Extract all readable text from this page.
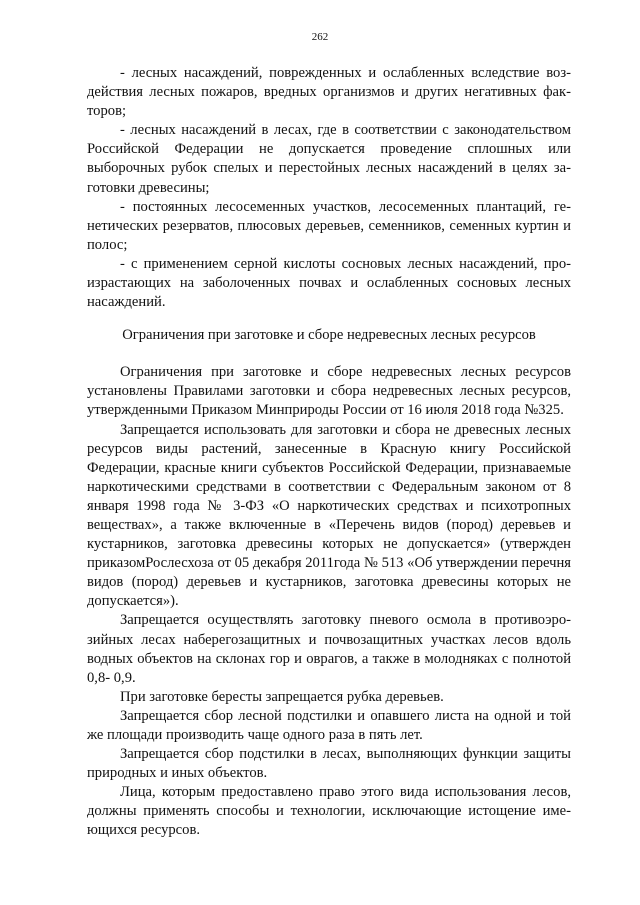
262

- лесных насаждений, поврежденных и ослабленных вследствие воздействия лесных пожаров, вредных организмов и других негативных факторов;

- лесных насаждений в лесах, где в соответствии с законодательством Российской Федерации не допускается проведение сплошных или выборочных рубок спелых и перестойных лесных насаждений в целях заготовки древесины;

- постоянных лесосеменных участков, лесосеменных плантаций, генетических резерватов, плюсовых деревьев, семенников, семенных куртин и полос;

- с применением серной кислоты сосновых лесных насаждений, произрастающих на заболоченных почвах и ослабленных сосновых лесных насаждений.

Ограничения при заготовке и сборе недревесных лесных ресурсов

Ограничения при заготовке и сборе недревесных лесных ресурсов установлены Правилами заготовки и сбора недревесных лесных ресурсов, утвержденными Приказом Минприроды России от 16 июля 2018 года №325.

Запрещается использовать для заготовки и сбора не древесных лесных ресурсов виды растений, занесенные в Красную книгу Российской Федерации, красные книги субъектов Российской Федерации, признаваемые наркотическими средствами в соответствии с Федеральным законом от 8 января 1998 года № 3-ФЗ «О наркотических средствах и психотропных веществах», а также включенные в «Перечень видов (пород) деревьев и кустарников, заготовка древесины которых не допускается» (утвержден приказомРослесхоза от 05 декабря 2011года № 513 «Об утверждении перечня видов (пород) деревьев и кустарников, заготовка древесины которых не допускается»).

Запрещается осуществлять заготовку пневого осмола в противоэрозийных лесах наберегозащитных и почвозащитных участках лесов вдоль водных объектов на склонах гор и оврагов, а также в молодняках с полнотой 0,8- 0,9.

При заготовке бересты запрещается рубка деревьев.

Запрещается сбор лесной подстилки и опавшего листа на одной и той же площади производить чаще одного раза в пять лет.

Запрещается сбор подстилки в лесах, выполняющих функции защиты природных и иных объектов.

Лица, которым предоставлено право этого вида использования лесов, должны применять способы и технологии, исключающие истощение имеющихся ресурсов.
